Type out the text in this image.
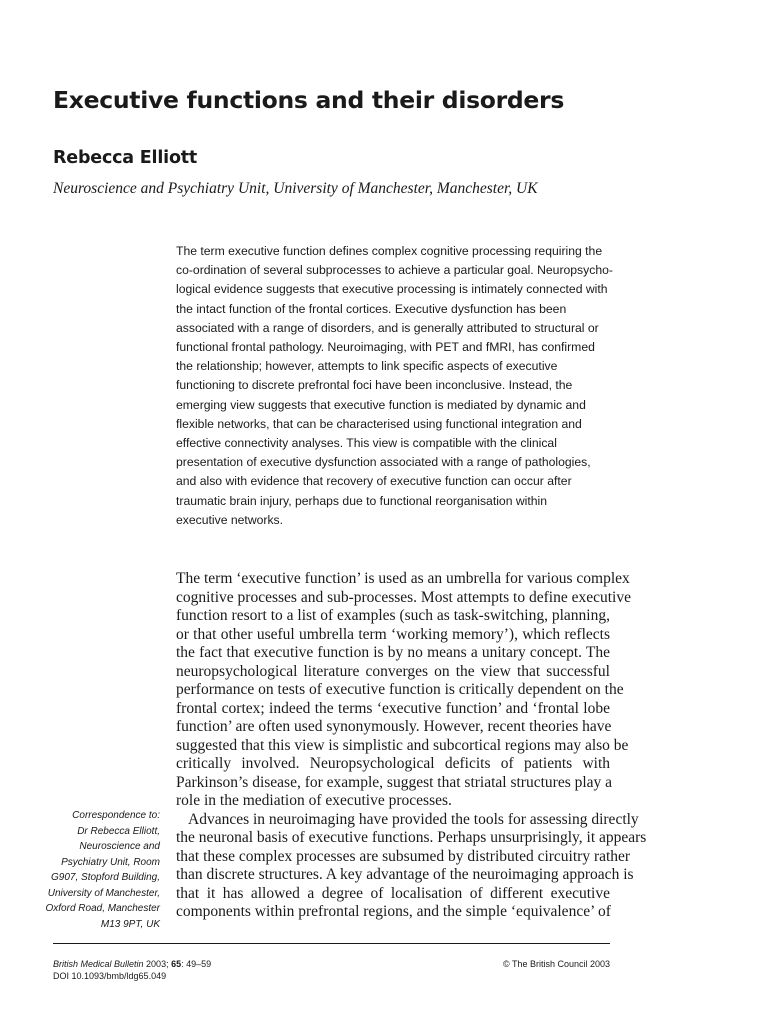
Executive functions and their disorders
Rebecca Elliott
Neuroscience and Psychiatry Unit, University of Manchester, Manchester, UK
The term executive function defines complex cognitive processing requiring the
co-ordination of several subprocesses to achieve a particular goal. Neuropsycho-
logical evidence suggests that executive processing is intimately connected with
the intact function of the frontal cortices. Executive dysfunction has been
associated with a range of disorders, and is generally attributed to structural or
functional frontal pathology. Neuroimaging, with PET and fMRI, has confirmed
the relationship; however, attempts to link specific aspects of executive
functioning to discrete prefrontal foci have been inconclusive. Instead, the
emerging view suggests that executive function is mediated by dynamic and
flexible networks, that can be characterised using functional integration and
effective connectivity analyses. This view is compatible with the clinical
presentation of executive dysfunction associated with a range of pathologies,
and also with evidence that recovery of executive function can occur after
traumatic brain injury, perhaps due to functional reorganisation within
executive networks.
The term ‘executive function’ is used as an umbrella for various complex
cognitive processes and sub-processes. Most attempts to define executive
function resort to a list of examples (such as task-switching, planning,
or that other useful umbrella term ‘working memory’), which reflects
the fact that executive function is by no means a unitary concept. The
neuropsychological literature converges on the view that successful
performance on tests of executive function is critically dependent on the
frontal cortex; indeed the terms ‘executive function’ and ‘frontal lobe
function’ are often used synonymously. However, recent theories have
suggested that this view is simplistic and subcortical regions may also be
critically involved. Neuropsychological deficits of patients with
Parkinson’s disease, for example, suggest that striatal structures play a
role in the mediation of executive processes.
Advances in neuroimaging have provided the tools for assessing directly
the neuronal basis of executive functions. Perhaps unsurprisingly, it appears
that these complex processes are subsumed by distributed circuitry rather
than discrete structures. A key advantage of the neuroimaging approach is
that it has allowed a degree of localisation of different executive
components within prefrontal regions, and the simple ‘equivalence’ of
Correspondence to:
Dr Rebecca Elliott,
Neuroscience and
Psychiatry Unit, Room
G907, Stopford Building,
University of Manchester,
Oxford Road, Manchester
M13 9PT, UK
British Medical Bulletin 2003; 65: 49–59
DOI 10.1093/bmb/ldg65.049
© The British Council 2003
